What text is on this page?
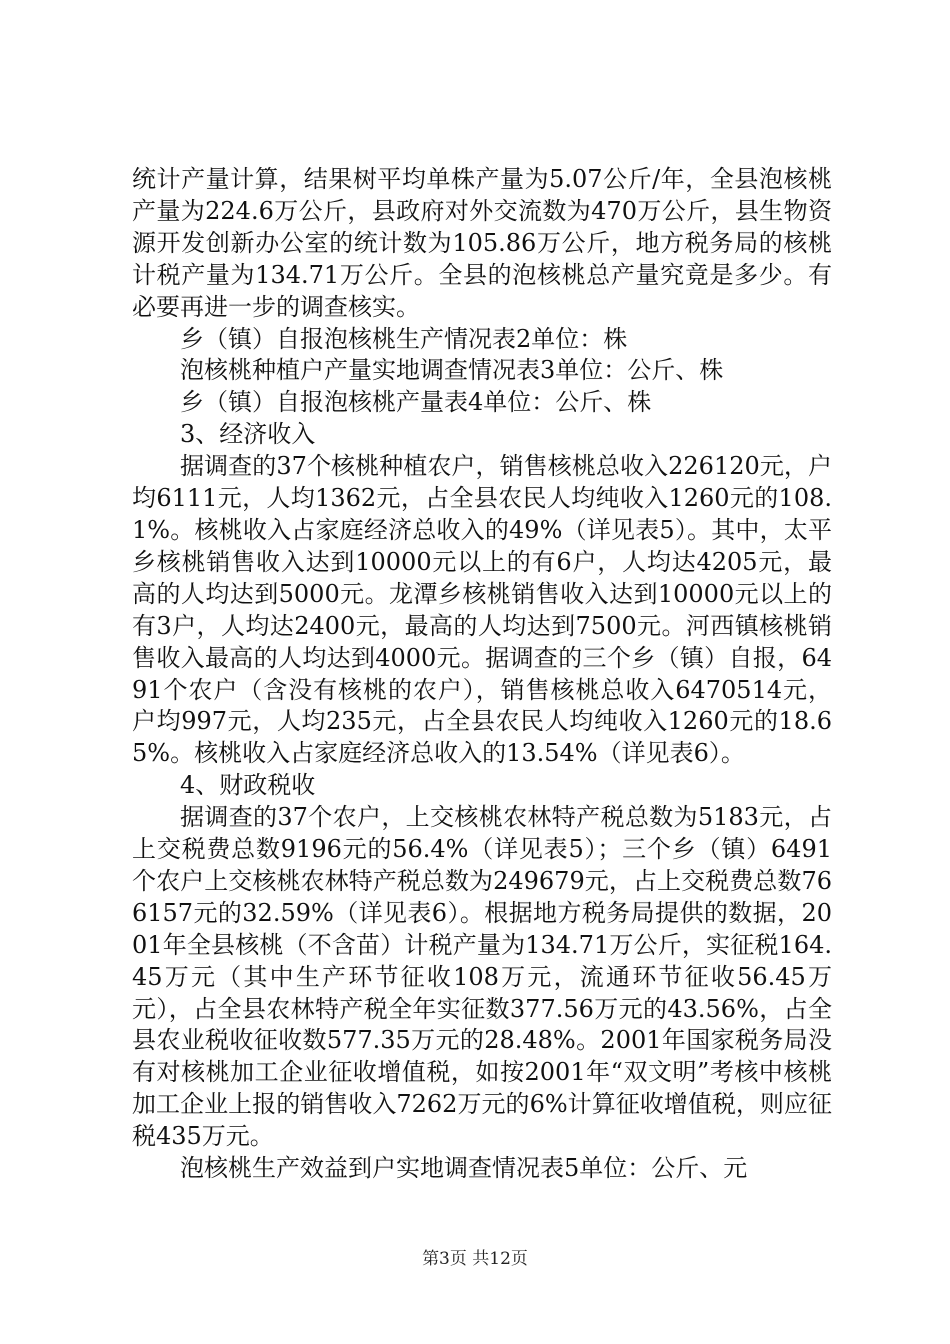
统计产量计算，结果树平均单株产量为5.07公斤/年，全县泡核桃产量为224.6万公斤，县政府对外交流数为470万公斤，县生物资源开发创新办公室的统计数为105.86万公斤，地方税务局的核桃计税产量为134.71万公斤。全县的泡核桃总产量究竟是多少。有必要再进一步的调查核实。

乡（镇）自报泡核桃生产情况表2单位：株

泡核桃种植户产量实地调查情况表3单位：公斤、株

乡（镇）自报泡核桃产量表4单位：公斤、株

3、经济收入

据调查的37个核桃种植农户，销售核桃总收入226120元，户均6111元，人均1362元，占全县农民人均纯收入1260元的108.1%。核桃收入占家庭经济总收入的49%（详见表5）。其中，太平乡核桃销售收入达到10000元以上的有6户，人均达4205元，最高的人均达到5000元。龙潭乡核桃销售收入达到10000元以上的有3户，人均达2400元，最高的人均达到7500元。河西镇核桃销售收入最高的人均达到4000元。据调查的三个乡（镇）自报，6491个农户（含没有核桃的农户），销售核桃总收入6470514元，户均997元，人均235元，占全县农民人均纯收入1260元的18.65%。核桃收入占家庭经济总收入的13.54%（详见表6）。

4、财政税收

据调查的37个农户，上交核桃农林特产税总数为5183元，占上交税费总数9196元的56.4%（详见表5）；三个乡（镇）6491个农户上交核桃农林特产税总数为249679元，占上交税费总数766157元的32.59%（详见表6）。根据地方税务局提供的数据，2001年全县核桃（不含苗）计税产量为134.71万公斤，实征税164.45万元（其中生产环节征收108万元，流通环节征收56.45万元），占全县农林特产税全年实征数377.56万元的43.56%，占全县农业税收征收数577.35万元的28.48%。2001年国家税务局没有对核桃加工企业征收增值税，如按2001年“双文明”考核中核桃加工企业上报的销售收入7262万元的6%计算征收增值税，则应征税435万元。

泡核桃生产效益到户实地调查情况表5单位：公斤、元

第3页 共12页
